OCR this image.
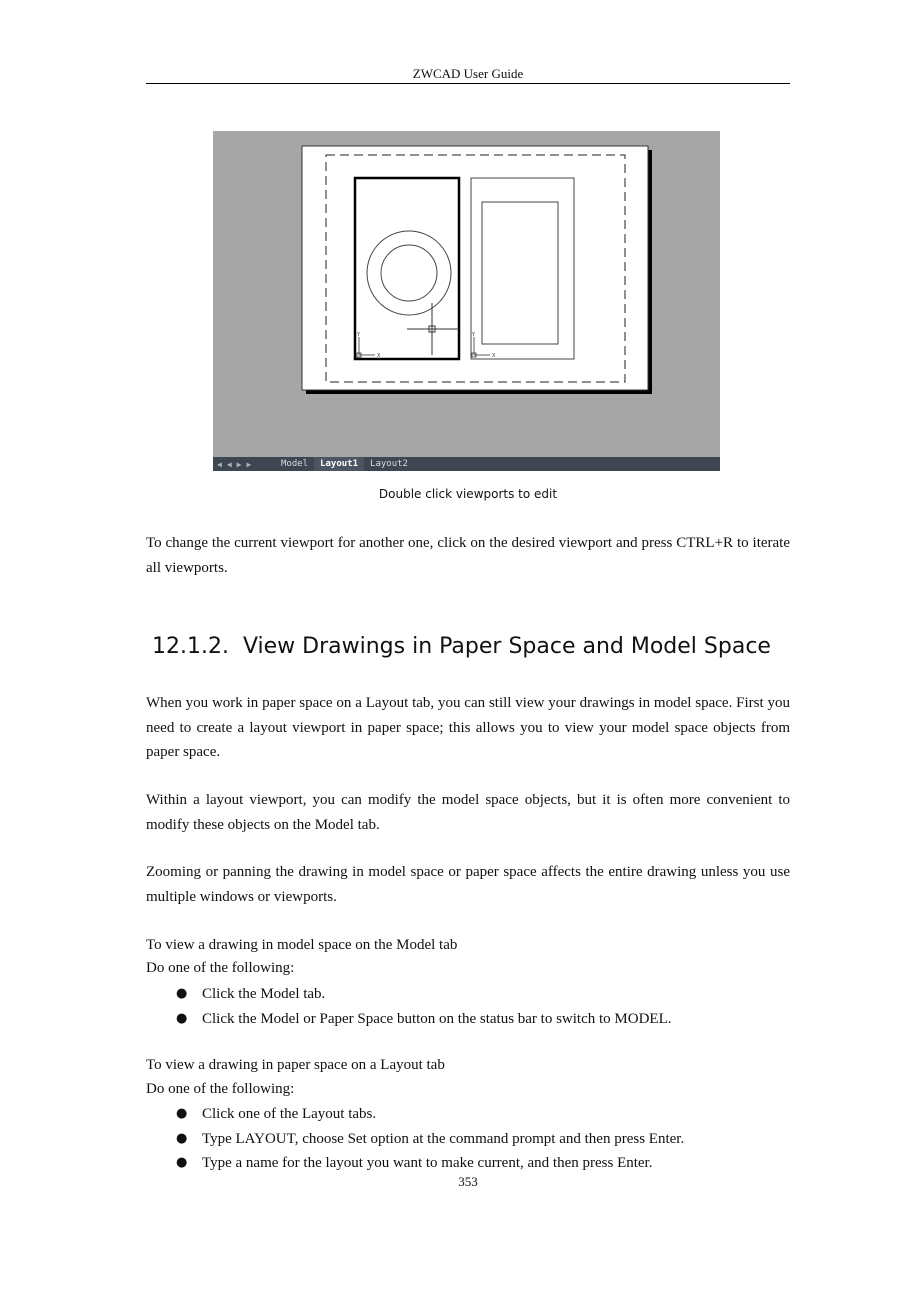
ZWCAD User Guide
Y
X
Y
X
◀ ◀ ▶ ▶	Model	Layout1	Layout2
Double click viewports to edit

To change the current viewport for another one, click on the desired viewport and press CTRL+R to iterate all viewports.

12.1.2. View Drawings in Paper Space and Model Space

When you work in paper space on a Layout tab, you can still view your drawings in model space. First you need to create a layout viewport in paper space; this allows you to view your model space objects from paper space.

Within a layout viewport, you can modify the model space objects, but it is often more convenient to modify these objects on the Model tab.

Zooming or panning the drawing in model space or paper space affects the entire drawing unless you use multiple windows or viewports.

To view a drawing in model space on the Model tab
Do one of the following:
● Click the Model tab.
● Click the Model or Paper Space button on the status bar to switch to MODEL.
To view a drawing in paper space on a Layout tab
Do one of the following:
● Click one of the Layout tabs.
● Type LAYOUT, choose Set option at the command prompt and then press Enter.
● Type a name for the layout you want to make current, and then press Enter.
353
